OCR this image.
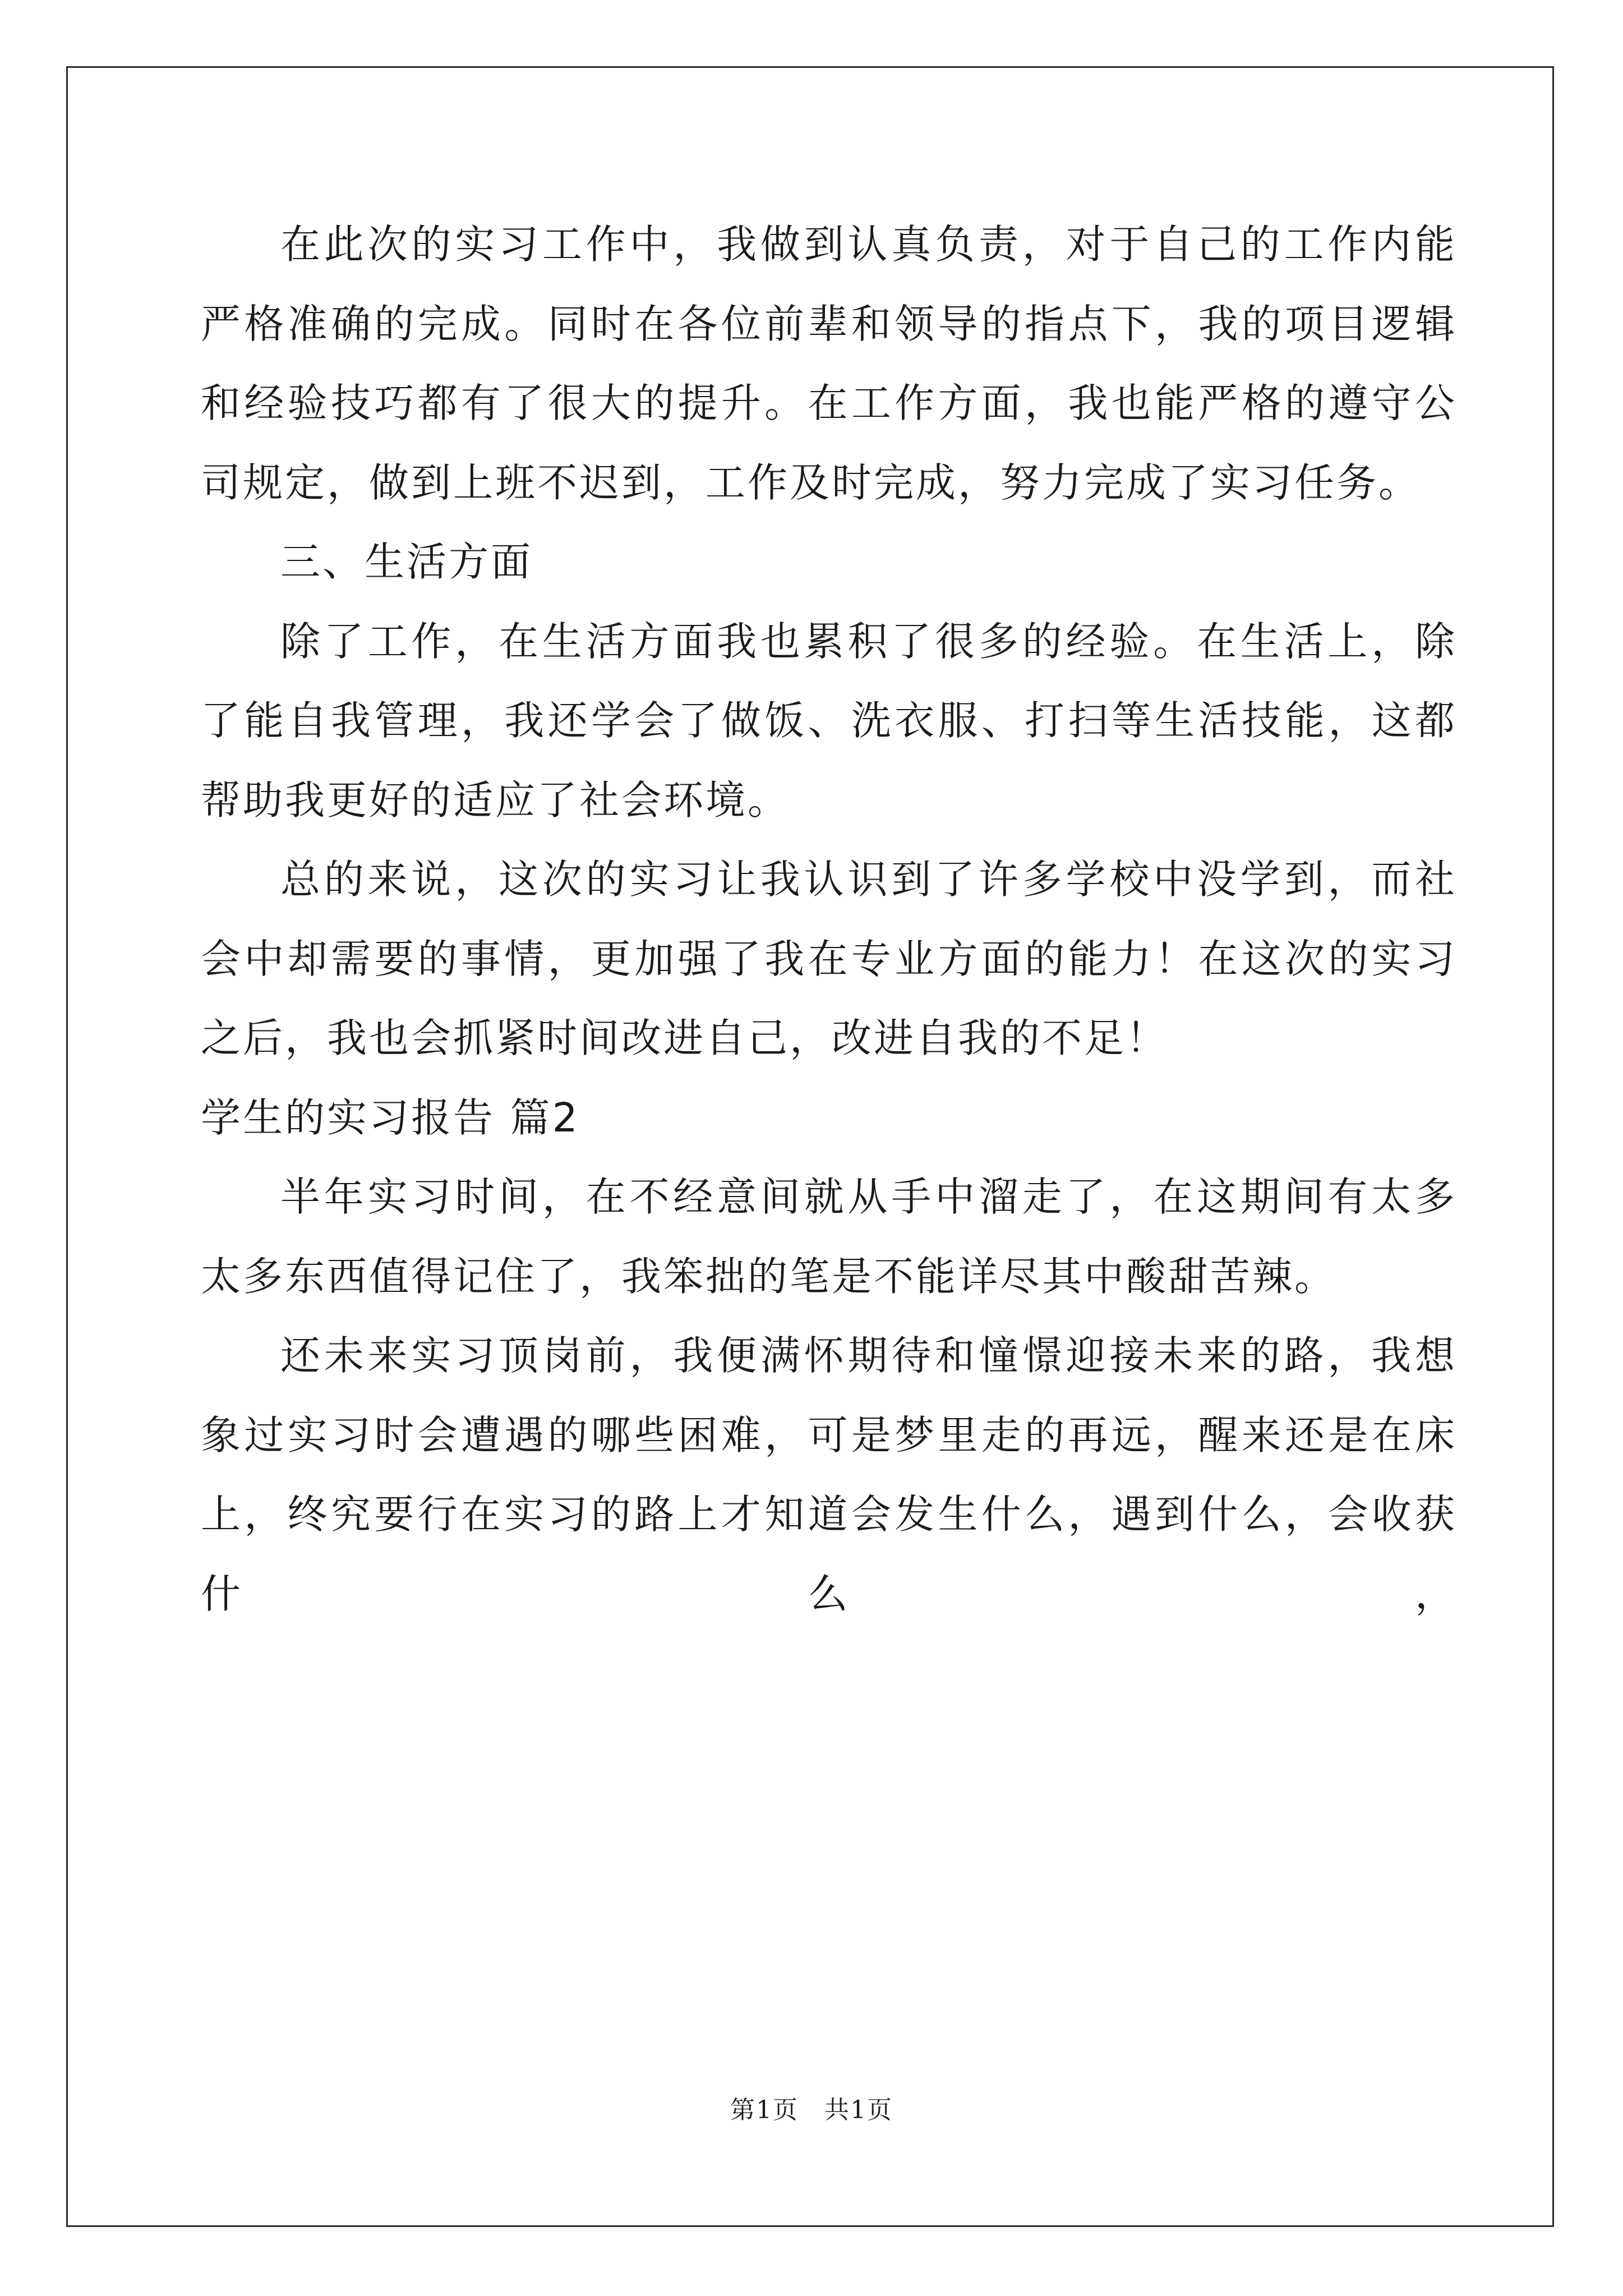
在此次的实习工作中，我做到认真负责，对于自己的工作内能严格准确的完成。同时在各位前辈和领导的指点下，我的项目逻辑和经验技巧都有了很大的提升。在工作方面，我也能严格的遵守公司规定，做到上班不迟到，工作及时完成，努力完成了实习任务。

三、生活方面

除了工作，在生活方面我也累积了很多的经验。在生活上，除了能自我管理，我还学会了做饭、洗衣服、打扫等生活技能，这都帮助我更好的适应了社会环境。

总的来说，这次的实习让我认识到了许多学校中没学到，而社会中却需要的事情，更加强了我在专业方面的能力！在这次的实习之后，我也会抓紧时间改进自己，改进自我的不足！

学生的实习报告 篇2

半年实习时间，在不经意间就从手中溜走了，在这期间有太多太多东西值得记住了，我笨拙的笔是不能详尽其中酸甜苦辣。

还未来实习顶岗前，我便满怀期待和憧憬迎接未来的路，我想象过实习时会遭遇的哪些困难，可是梦里走的再远，醒来还是在床上，终究要行在实习的路上才知道会发生什么，遇到什么，会收获什么，

第1页　共1页
